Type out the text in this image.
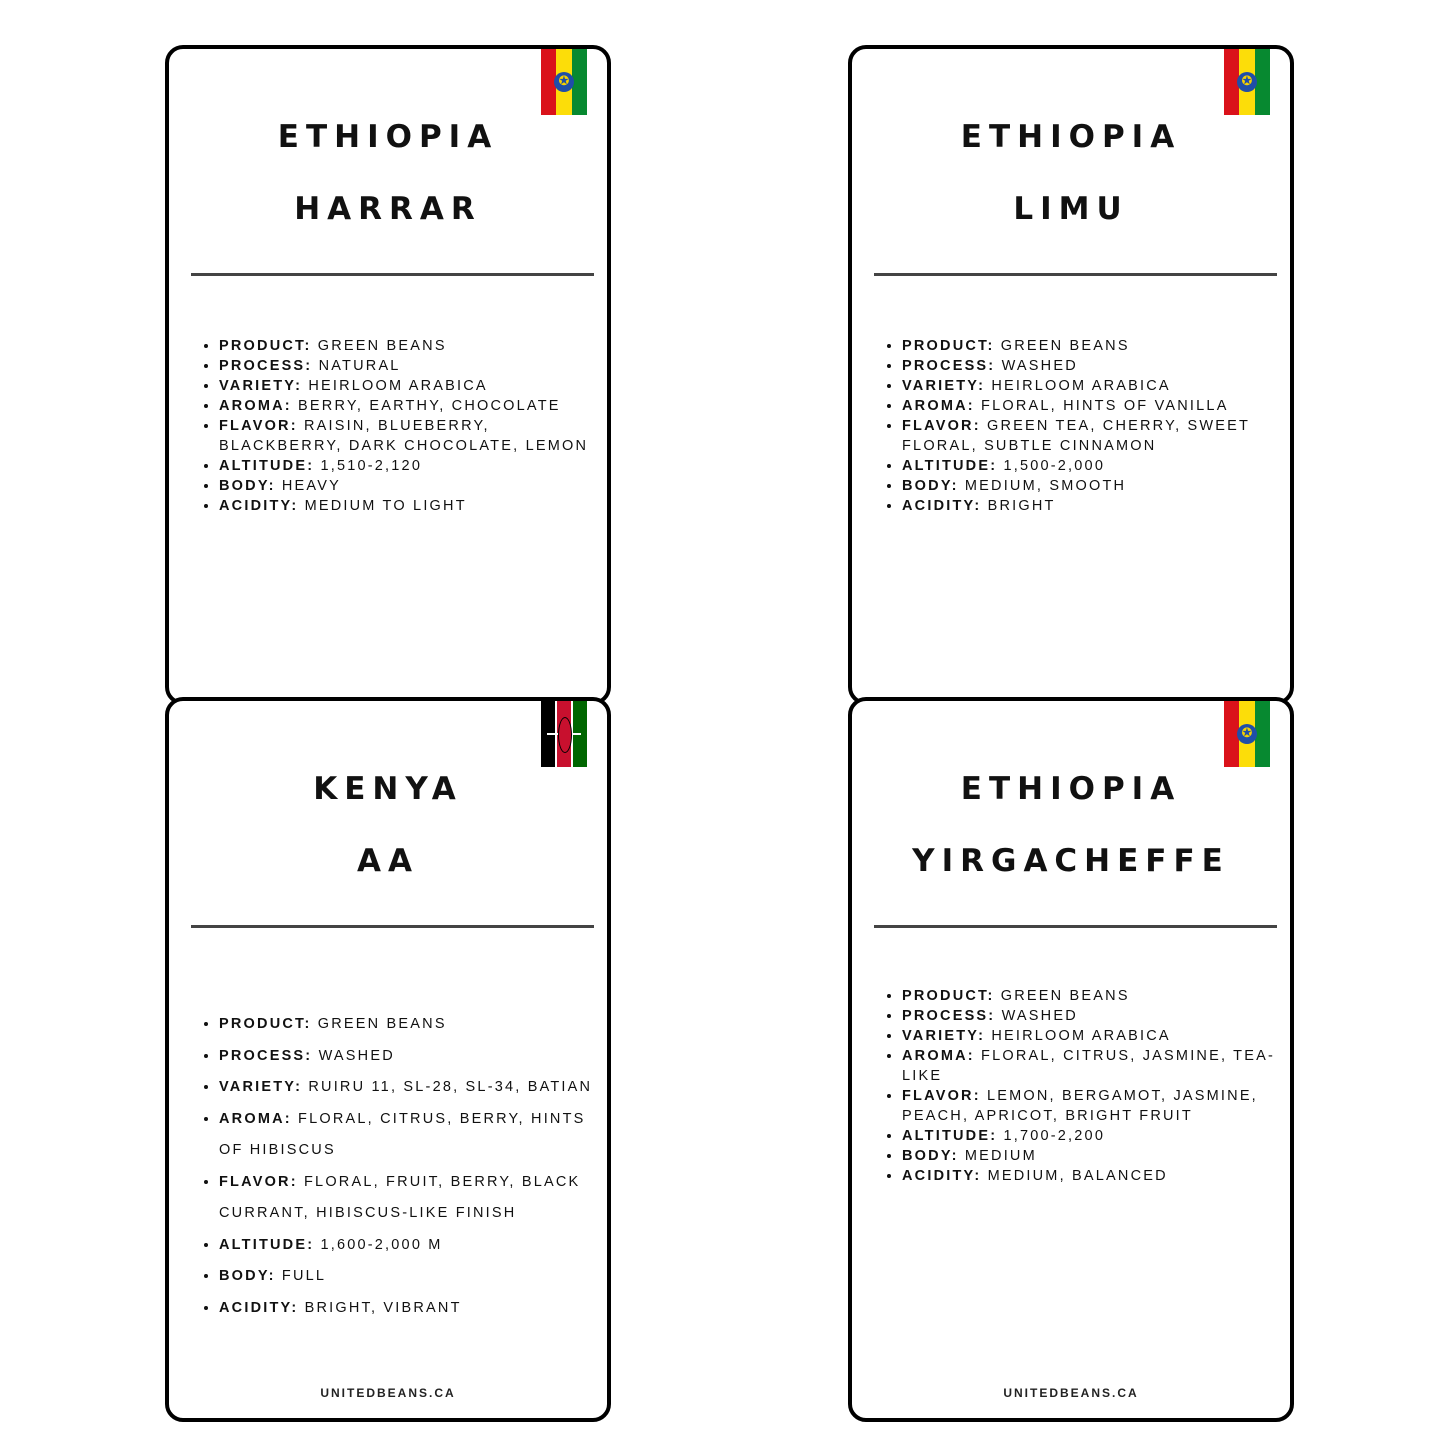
✪
ETHIOPIA
HARRAR
• PRODUCT: GREEN BEANS
• PROCESS: NATURAL
• VARIETY: HEIRLOOM ARABICA
• AROMA: BERRY, EARTHY, CHOCOLATE
• FLAVOR: RAISIN, BLUEBERRY, BLACKBERRY, DARK CHOCOLATE, LEMON
• ALTITUDE: 1,510-2,120
• BODY: HEAVY
• ACIDITY: MEDIUM TO LIGHT
✪
ETHIOPIA
LIMU
• PRODUCT: GREEN BEANS
• PROCESS: WASHED
• VARIETY: HEIRLOOM ARABICA
• AROMA: FLORAL, HINTS OF VANILLA
• FLAVOR: GREEN TEA, CHERRY, SWEET FLORAL, SUBTLE CINNAMON
• ALTITUDE: 1,500-2,000
• BODY: MEDIUM, SMOOTH
• ACIDITY: BRIGHT
KENYA
AA
• PRODUCT: GREEN BEANS
• PROCESS: WASHED
• VARIETY: RUIRU 11, SL-28, SL-34, BATIAN
• AROMA: FLORAL, CITRUS, BERRY, HINTS OF HIBISCUS
• FLAVOR: FLORAL, FRUIT, BERRY, BLACK CURRANT, HIBISCUS-LIKE FINISH
• ALTITUDE: 1,600-2,000 M
• BODY: FULL
• ACIDITY: BRIGHT, VIBRANT
UNITEDBEANS.CA
✪
ETHIOPIA
YIRGACHEFFE
• PRODUCT: GREEN BEANS
• PROCESS: WASHED
• VARIETY: HEIRLOOM ARABICA
• AROMA: FLORAL, CITRUS, JASMINE, TEA-LIKE
• FLAVOR: LEMON, BERGAMOT, JASMINE, PEACH, APRICOT, BRIGHT FRUIT
• ALTITUDE: 1,700-2,200
• BODY: MEDIUM
• ACIDITY: MEDIUM, BALANCED
UNITEDBEANS.CA
